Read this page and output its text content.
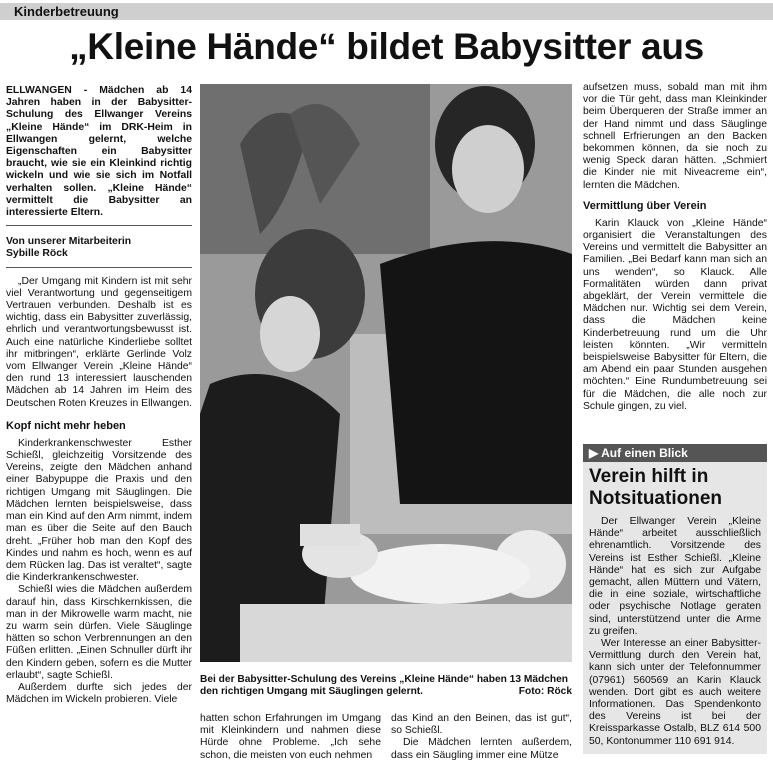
Kinderbetreuung
„Kleine Hände“ bildet Babysitter aus
ELLWANGEN - Mädchen ab 14 Jahren haben in der Babysitter-Schulung des Ellwanger Vereins „Kleine Hände“ im DRK-Heim in Ellwangen gelernt, welche Eigenschaften ein Babysitter braucht, wie sie ein Kleinkind richtig wickeln und wie sie sich im Notfall verhalten sollen. „Kleine Hände“ vermittelt die Babysitter an interessierte Eltern.
Von unserer Mitarbeiterin
Sybille Röck

„Der Umgang mit Kindern ist mit sehr viel Verantwortung und gegenseitigem Vertrauen verbunden. Deshalb ist es wichtig, dass ein Babysitter zuverlässig, ehrlich und verantwortungsbewusst ist. Auch eine natürliche Kinderliebe solltet ihr mitbringen“, erklärte Gerlinde Volz vom Ellwanger Verein „Kleine Hände“ den rund 13 interessiert lauschenden Mädchen ab 14 Jahren im Heim des Deutschen Roten Kreuzes in Ellwangen.

Kopf nicht mehr heben

Kinderkrankenschwester Esther Schießl, gleichzeitig Vorsitzende des Vereins, zeigte den Mädchen anhand einer Babypuppe die Praxis und den richtigen Umgang mit Säuglingen. Die Mädchen lernten beispielsweise, dass man ein Kind auf den Arm nimmt, indem man es über die Seite auf den Bauch dreht. „Früher hob man den Kopf des Kindes und nahm es hoch, wenn es auf dem Rücken lag. Das ist veraltet“, sagte die Kinderkrankenschwester.

Schießl wies die Mädchen außerdem darauf hin, dass Kirschkernkissen, die man in der Mikrowelle warm macht, nie zu warm sein dürfen. Viele Säuglinge hätten so schon Verbrennungen an den Füßen erlitten. „Einen Schnuller dürft ihr den Kindern geben, sofern es die Mutter erlaubt“, sagte Schießl.

Außerdem durfte sich jedes der Mädchen im Wickeln probieren. Viele

Bei der Babysitter-Schulung des Vereins „Kleine Hände“ haben 13 Mädchen den richtigen Umgang mit Säuglingen gelernt.	Foto: Röck

hatten schon Erfahrungen im Umgang mit Kleinkindern und nahmen diese Hürde ohne Probleme. „Ich sehe schon, die meisten von euch nehmen

das Kind an den Beinen, das ist gut“, so Schießl.

Die Mädchen lernten außerdem, dass ein Säugling immer eine Mütze

aufsetzen muss, sobald man mit ihm vor die Tür geht, dass man Kleinkinder beim Überqueren der Straße immer an der Hand nimmt und dass Säuglinge schnell Erfrierungen an den Backen bekommen können, da sie noch zu wenig Speck daran hätten. „Schmiert die Kinder nie mit Niveacreme ein“, lernten die Mädchen.

Vermittlung über Verein

Karin Klauck von „Kleine Hände“ organisiert die Veranstaltungen des Vereins und vermittelt die Babysitter an Familien. „Bei Bedarf kann man sich an uns wenden“, so Klauck. Alle Formalitäten würden dann privat abgeklärt, der Verein vermittele die Mädchen nur. Wichtig sei dem Verein, dass die Mädchen keine Kinderbetreuung rund um die Uhr leisten könnten. „Wir vermitteln beispielsweise Babysitter für Eltern, die am Abend ein paar Stunden ausgehen möchten.“ Eine Rundumbetreuung sei für die Mädchen, die alle noch zur Schule gingen, zu viel.

▶ Auf einen Blick
Verein hilft in
Notsituationen

Der Ellwanger Verein „Kleine Hände“ arbeitet ausschließlich ehrenamtlich. Vorsitzende des Vereins ist Esther Schießl. „Kleine Hände“ hat es sich zur Aufgabe gemacht, allen Müttern und Vätern, die in eine soziale, wirtschaftliche oder psychische Notlage geraten sind, unterstützend unter die Arme zu greifen.

Wer Interesse an einer Babysitter-Vermittlung durch den Verein hat, kann sich unter der Telefonnummer (07961) 560569 an Karin Klauck wenden. Dort gibt es auch weitere Informationen. Das Spendenkonto des Vereins ist bei der Kreissparkasse Ostalb, BLZ 614 500 50, Kontonummer 110 691 914.
